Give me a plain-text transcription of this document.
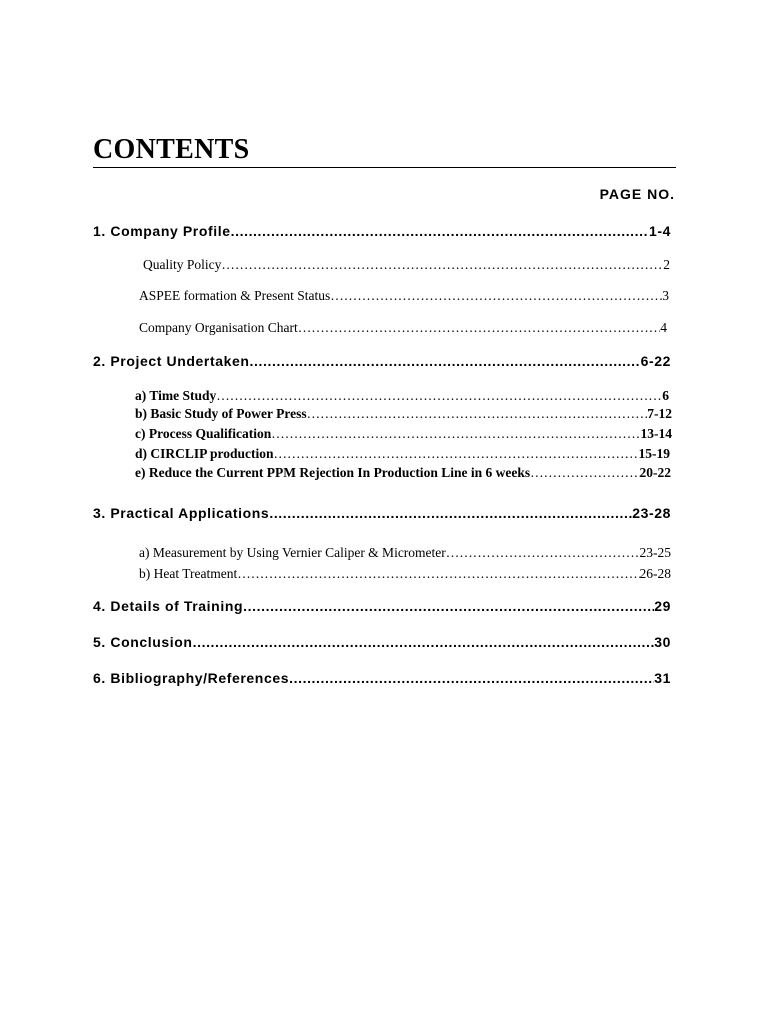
CONTENTS
PAGE NO.
1. Company Profile .....	1-4
Quality Policy …………………………………………………………………………………………………………………………………………………………………………………………………………………………………………………………………………………………………………………	2
ASPEE formation & Present Status …………………………………………………………………………………………………………………………………………………………………………………………………………………………………………………………………………………………………………………	3
Company Organisation Chart …………………………………………………………………………………………………………………………………………………………………………………………………………………………………………………………………………………………………………………	4
2. Project Undertaken .....	6-22
a) Time Study …………………………………………………………………………………………………………………………………………………………………………………………………………………………………………………………………………………………………………………	6
b) Basic Study of Power Press …………………………………………………………………………………………………………………………………………………………………………………………………………………………………………………………………………………………………………………	7-12
c) Process Qualification …………………………………………………………………………………………………………………………………………………………………………………………………………………………………………………………………………………………………………………	13-14
d) CIRCLIP production …………………………………………………………………………………………………………………………………………………………………………………………………………………………………………………………………………………………………………………	15-19
e) Reduce the Current PPM Rejection In Production Line in 6 weeks …………………………………………………………………………………………………………………………………………………………………………………………………………………………………………………………………………………………………………………	20-22
3. Practical Applications .....	23-28
a) Measurement by Using Vernier Caliper & Micrometer …………………………………………………………………………………………………………………………………………………………………………………………………………………………………………………………………………………………………………………	23-25
b) Heat Treatment …………………………………………………………………………………………………………………………………………………………………………………………………………………………………………………………………………………………………………………	26-28
4. Details of Training .....	29
5. Conclusion .....	30
6. Bibliography/References .....	31
